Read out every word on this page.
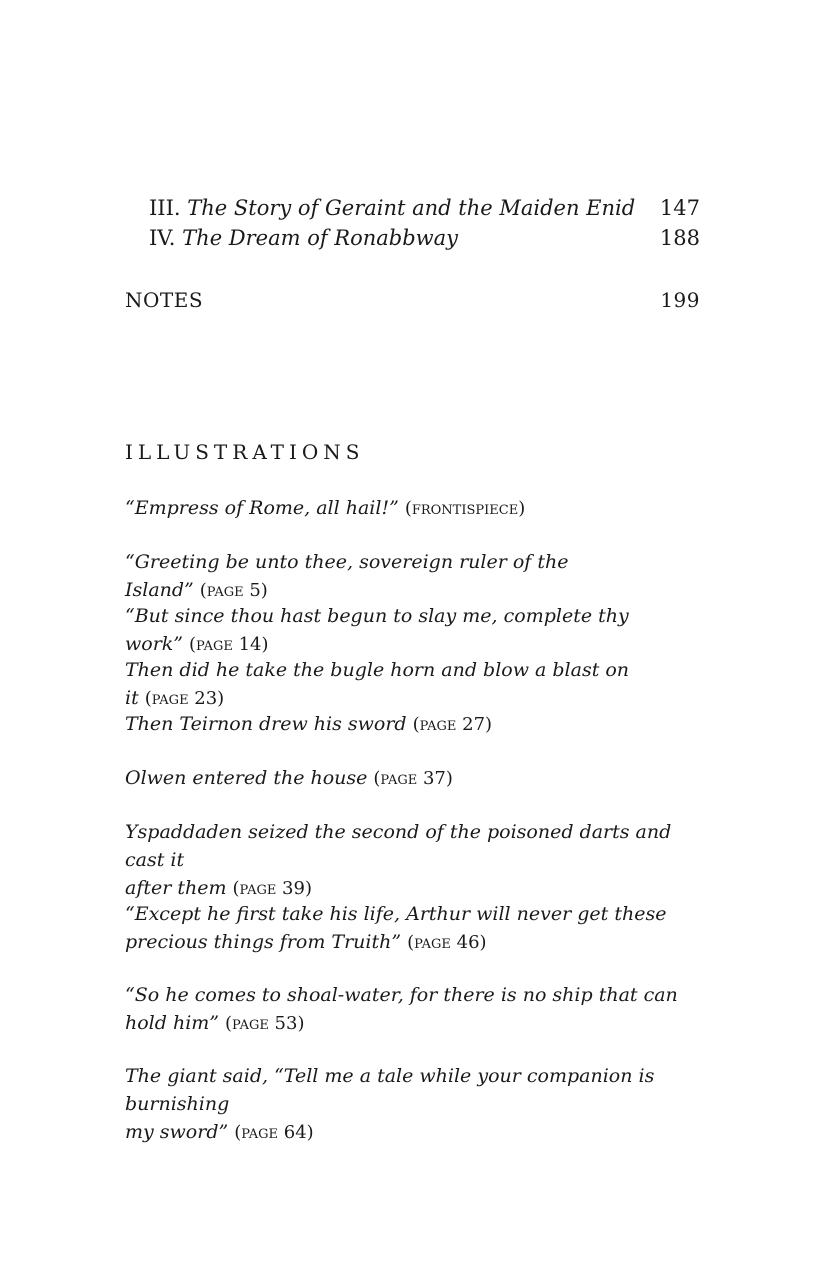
III. The Story of Geraint and the Maiden Enid 147
IV. The Dream of Ronabbway	188
NOTES	199
ILLUSTRATIONS
“Empress of Rome, all hail!” (frontispiece)
“Greeting be unto thee, sovereign ruler of the Island” (page 5)
“But since thou hast begun to slay me, complete thy work” (page 14)
Then did he take the bugle horn and blow a blast on it (page 23)
Then Teirnon drew his sword (page 27)
Olwen entered the house (page 37)
Yspaddaden seized the second of the poisoned darts and cast it
after them (page 39)
“Except he first take his life, Arthur will never get these
precious things from Truith” (page 46)
“So he comes to shoal-water, for there is no ship that can
hold him” (page 53)
The giant said, “Tell me a tale while your companion is burnishing
my sword” (page 64)
